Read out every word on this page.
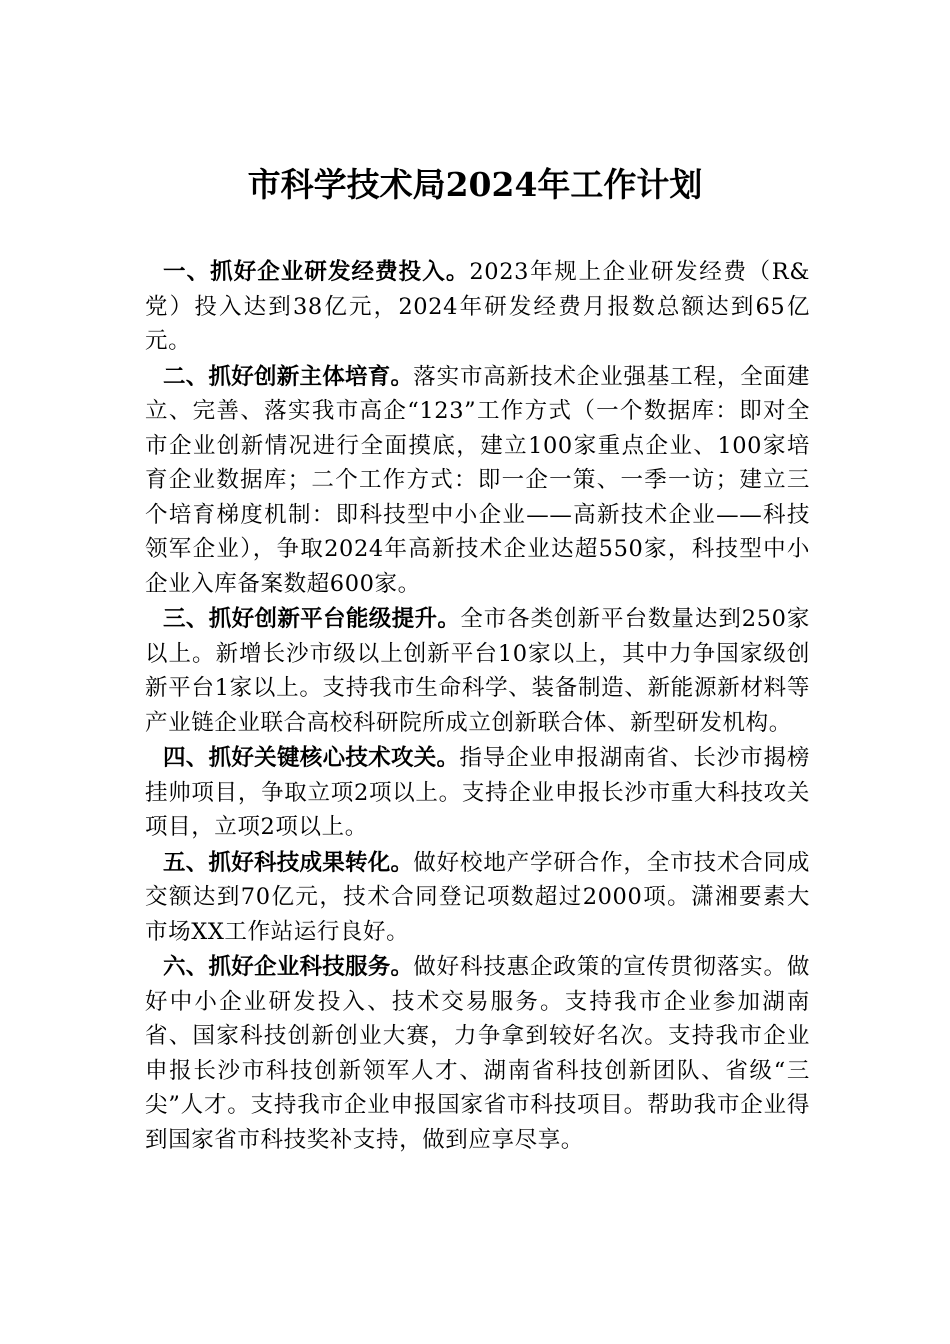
市科学技术局2024年工作计划

一、抓好企业研发经费投入。2023年规上企业研发经费（R&党）投入达到38亿元，2024年研发经费月报数总额达到65亿元。

二、抓好创新主体培育。落实市高新技术企业强基工程，全面建立、完善、落实我市高企“123”工作方式（一个数据库：即对全市企业创新情况进行全面摸底，建立100家重点企业、100家培育企业数据库；二个工作方式：即一企一策、一季一访；建立三个培育梯度机制：即科技型中小企业——高新技术企业——科技领军企业），争取2024年高新技术企业达超550家，科技型中小企业入库备案数超600家。

三、抓好创新平台能级提升。全市各类创新平台数量达到250家以上。新增长沙市级以上创新平台10家以上，其中力争国家级创新平台1家以上。支持我市生命科学、装备制造、新能源新材料等产业链企业联合高校科研院所成立创新联合体、新型研发机构。

四、抓好关键核心技术攻关。指导企业申报湖南省、长沙市揭榜挂帅项目，争取立项2项以上。支持企业申报长沙市重大科技攻关项目，立项2项以上。

五、抓好科技成果转化。做好校地产学研合作，全市技术合同成交额达到70亿元，技术合同登记项数超过2000项。潇湘要素大市场XX工作站运行良好。

六、抓好企业科技服务。做好科技惠企政策的宣传贯彻落实。做好中小企业研发投入、技术交易服务。支持我市企业参加湖南省、国家科技创新创业大赛，力争拿到较好名次。支持我市企业申报长沙市科技创新领军人才、湖南省科技创新团队、省级“三尖”人才。支持我市企业申报国家省市科技项目。帮助我市企业得到国家省市科技奖补支持，做到应享尽享。
